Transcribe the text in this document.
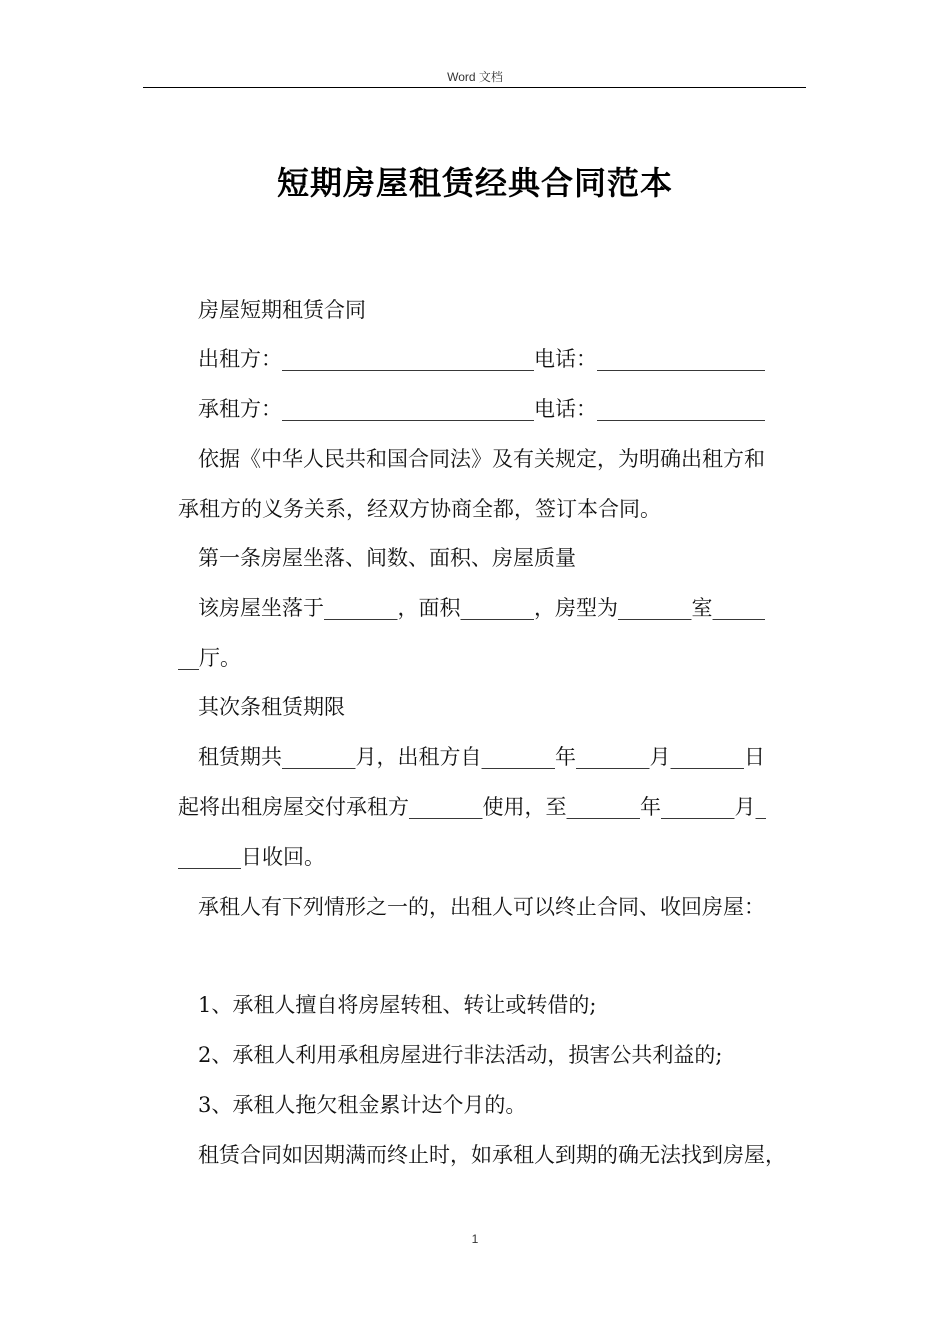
Word 文档
短期房屋租赁经典合同范本
房屋短期租赁合同
出租方：________________________电话：________________
承租方：________________________电话：________________
依据《中华人民共和国合同法》及有关规定，为明确出租方和
承租方的义务关系，经双方协商全都，签订本合同。
第一条房屋坐落、间数、面积、房屋质量
该房屋坐落于_______，面积_______，房型为_______室_____
__厅。
其次条租赁期限
租赁期共_______月，出租方自_______年_______月_______日
起将出租房屋交付承租方_______使用，至_______年_______月_
______日收回。
承租人有下列情形之一的，出租人可以终止合同、收回房屋：
1、承租人擅自将房屋转租、转让或转借的;
2、承租人利用承租房屋进行非法活动，损害公共利益的;
3、承租人拖欠租金累计达个月的。
租赁合同如因期满而终止时，如承租人到期的确无法找到房屋，
1
